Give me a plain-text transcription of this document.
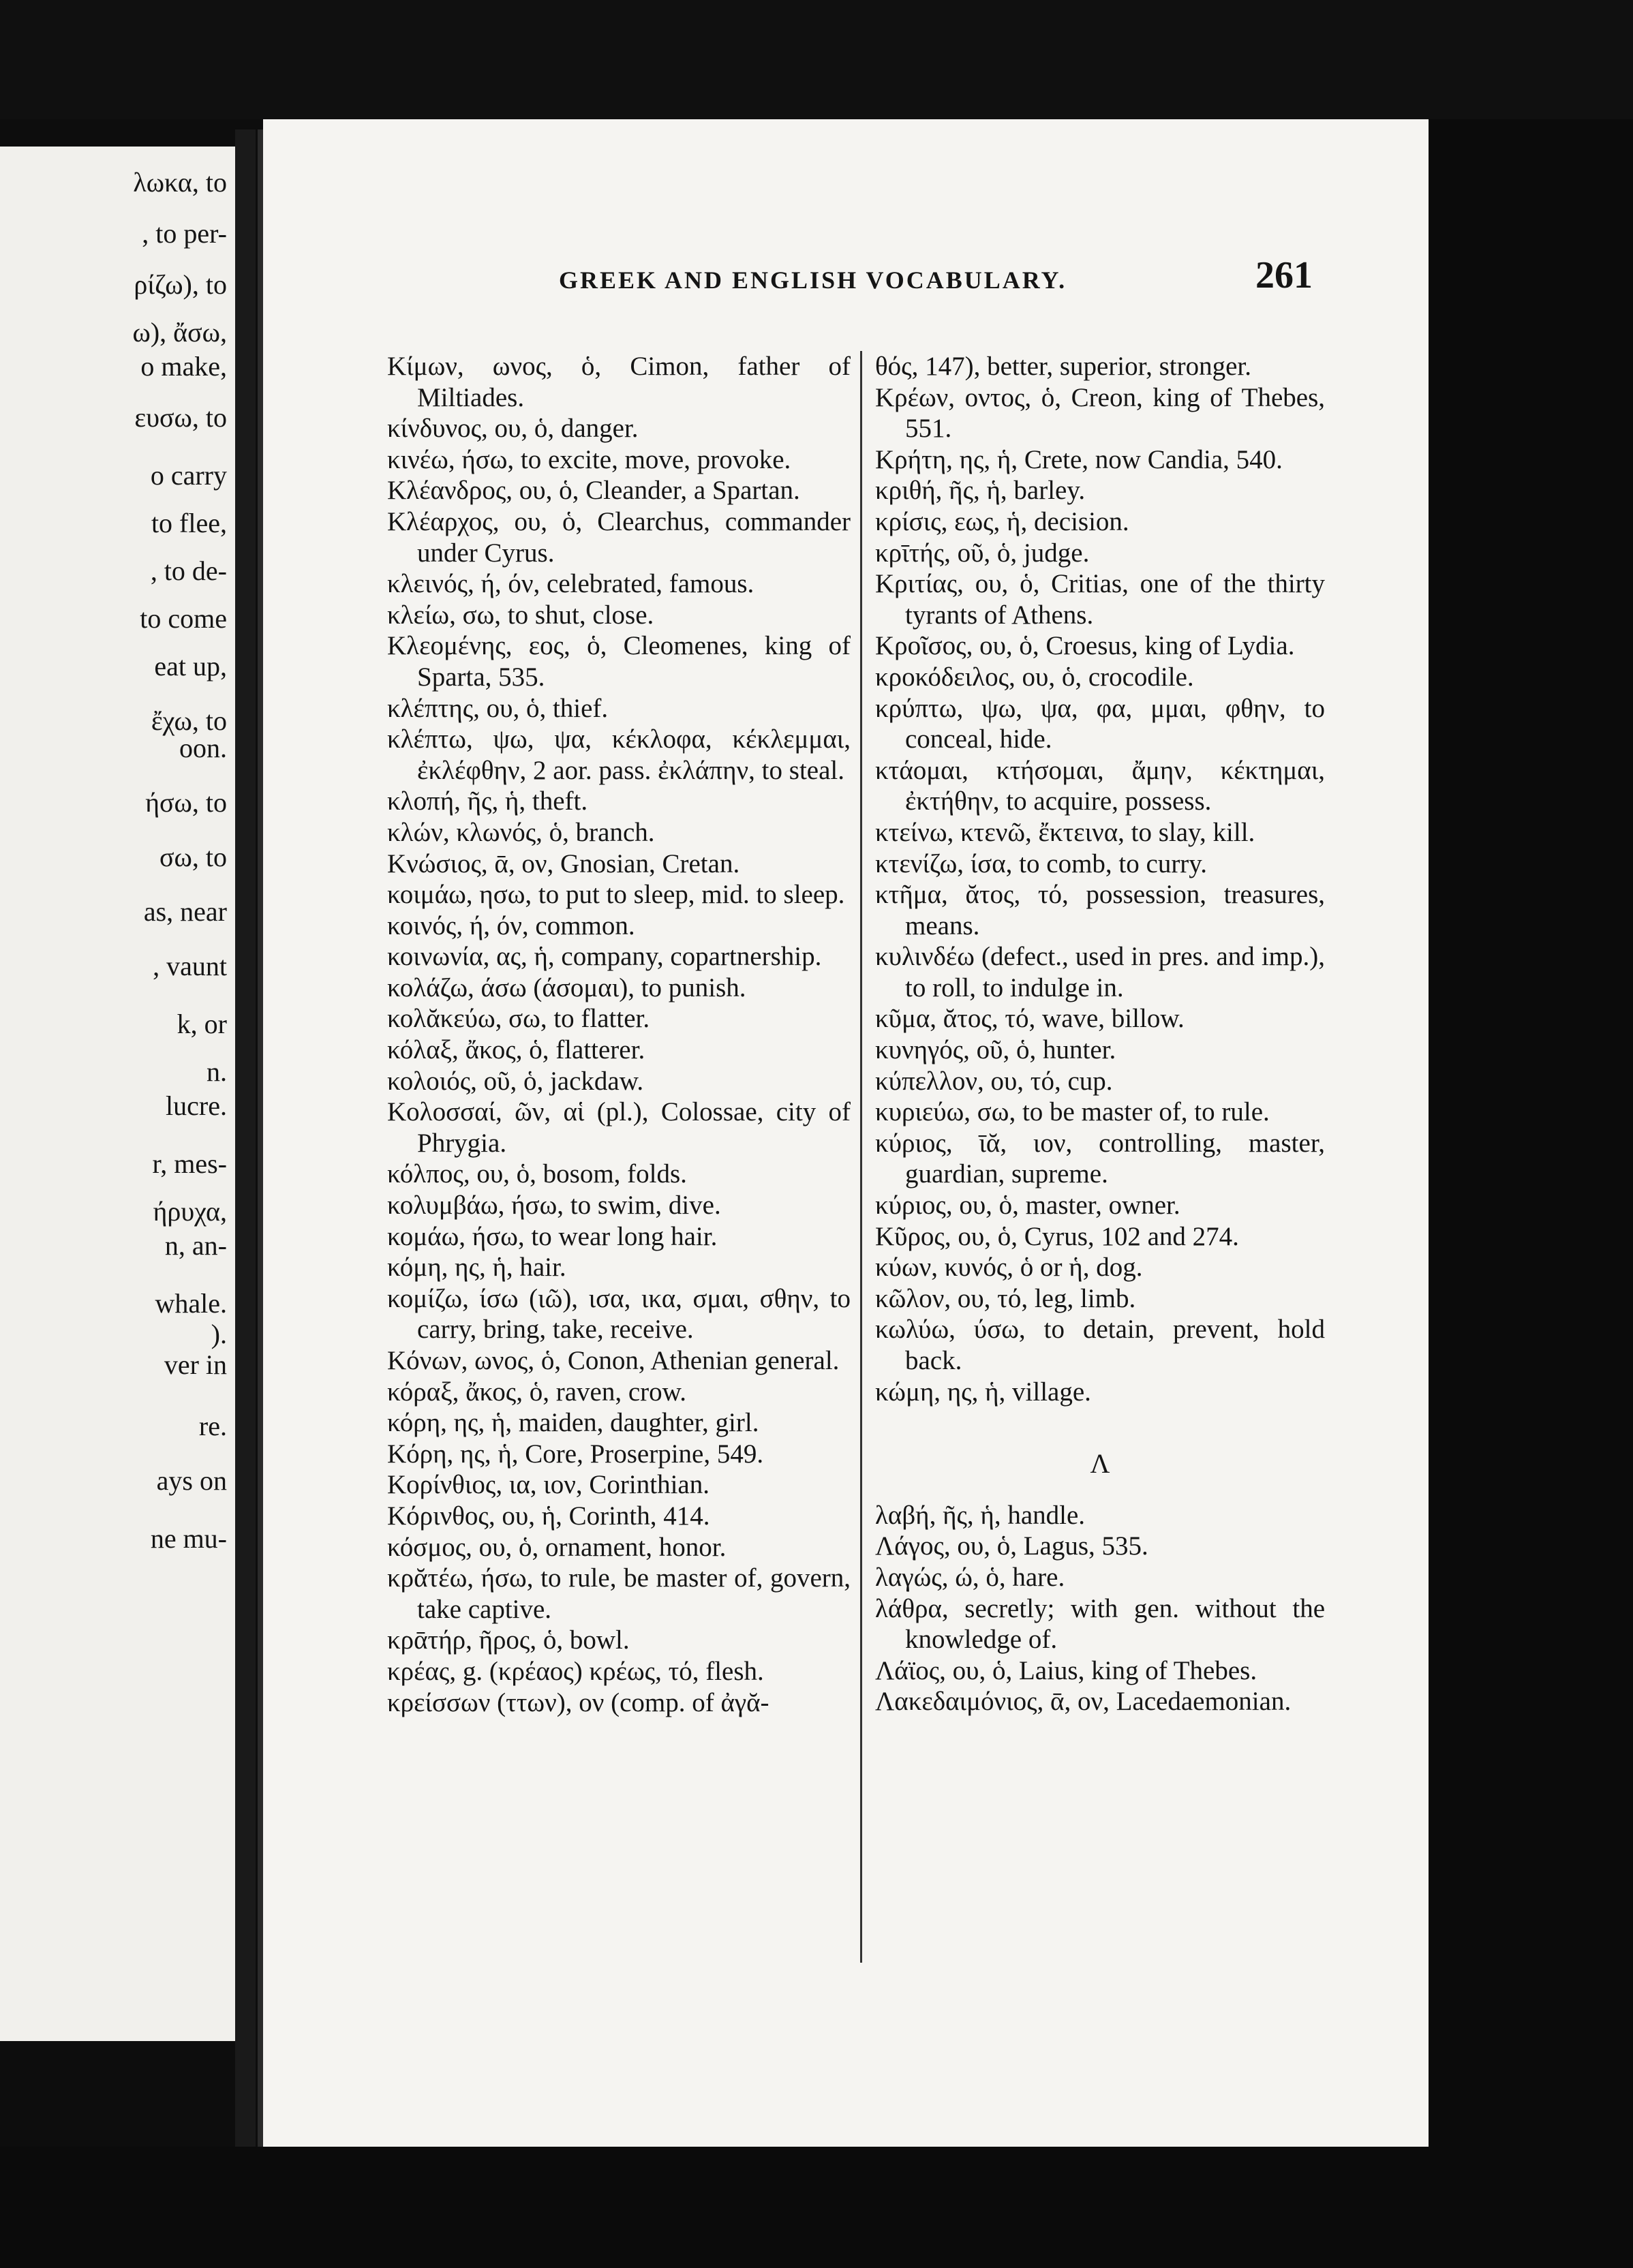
λωκα, to
, to per-
ρίζω), to
ω), ἄσω,
o make,
ευσω, to
o carry
to flee,
, to de-
to come
eat up,
ἔχω, to
oon.
ήσω, to
σω, to
as, near
, vaunt
k, or
n.
lucre.
r, mes-
ήρυχα,
n, an-
whale.
).
ver in
re.
ays on
ne mu-
GREEK AND ENGLISH VOCABULARY.	261
Κίμων, ωνος, ὁ, Cimon, father of Miltiades.
κίνδυνος, ου, ὁ, danger.
κινέω, ήσω, to excite, move, provoke.
Κλέανδρος, ου, ὁ, Cleander, a Spartan.
Κλέαρχος, ου, ὁ, Clearchus, commander under Cyrus.
κλεινός, ή, όν, celebrated, famous.
κλείω, σω, to shut, close.
Κλεομένης, εος, ὁ, Cleomenes, king of Sparta, 535.
κλέπτης, ου, ὁ, thief.
κλέπτω, ψω, ψα, κέκλοφα, κέκλεμμαι, ἐκλέφθην, 2 aor. pass. ἐκλάπην, to steal.
κλοπή, ῆς, ἡ, theft.
κλών, κλωνός, ὁ, branch.
Κνώσιος, ᾱ, ον, Gnosian, Cretan.
κοιμάω, ησω, to put to sleep, mid. to sleep.
κοινός, ή, όν, common.
κοινωνία, ας, ἡ, company, copartnership.
κολάζω, άσω (άσομαι), to punish.
κολᾰκεύω, σω, to flatter.
κόλαξ, ἄκος, ὁ, flatterer.
κολοιός, οῦ, ὁ, jackdaw.
Κολοσσαί, ῶν, αἱ (pl.), Colossae, city of Phrygia.
κόλπος, ου, ὁ, bosom, folds.
κολυμβάω, ήσω, to swim, dive.
κομάω, ήσω, to wear long hair.
κόμη, ης, ἡ, hair.
κομίζω, ίσω (ιῶ), ισα, ικα, σμαι, σθην, to carry, bring, take, receive.
Κόνων, ωνος, ὁ, Conon, Athenian general.
κόραξ, ἄκος, ὁ, raven, crow.
κόρη, ης, ἡ, maiden, daughter, girl.
Κόρη, ης, ἡ, Core, Proserpine, 549.
Κορίνθιος, ια, ιον, Corinthian.
Κόρινθος, ου, ἡ, Corinth, 414.
κόσμος, ου, ὁ, ornament, honor.
κρᾰτέω, ήσω, to rule, be master of, govern, take captive.
κρᾱτήρ, ῆρος, ὁ, bowl.
κρέας, g. (κρέαος) κρέως, τό, flesh.
κρείσσων (ττων), ον (comp. of ἀγᾰ-
θός, 147), better, superior, stronger.
Κρέων, οντος, ὁ, Creon, king of Thebes, 551.
Κρήτη, ης, ἡ, Crete, now Candia, 540.
κριθή, ῆς, ἡ, barley.
κρίσις, εως, ἡ, decision.
κρῑτής, οῦ, ὁ, judge.
Κριτίας, ου, ὁ, Critias, one of the thirty tyrants of Athens.
Κροῖσος, ου, ὁ, Croesus, king of Lydia.
κροκόδειλος, ου, ὁ, crocodile.
κρύπτω, ψω, ψα, φα, μμαι, φθην, to conceal, hide.
κτάομαι, κτήσομαι, ἄμην, κέκτημαι, ἐκτήθην, to acquire, possess.
κτείνω, κτενῶ, ἔκτεινα, to slay, kill.
κτενίζω, ίσα, to comb, to curry.
κτῆμα, ᾰτος, τό, possession, treasures, means.
κυλινδέω (defect., used in pres. and imp.), to roll, to indulge in.
κῦμα, ᾰτος, τό, wave, billow.
κυνηγός, οῦ, ὁ, hunter.
κύπελλον, ου, τό, cup.
κυριεύω, σω, to be master of, to rule.
κύριος, ῑᾰ, ιον, controlling, master, guardian, supreme.
κύριος, ου, ὁ, master, owner.
Κῦρος, ου, ὁ, Cyrus, 102 and 274.
κύων, κυνός, ὁ or ἡ, dog.
κῶλον, ου, τό, leg, limb.
κωλύω, ύσω, to detain, prevent, hold back.
κώμη, ης, ἡ, village.
Λ
λαβή, ῆς, ἡ, handle.
Λάγος, ου, ὁ, Lagus, 535.
λαγώς, ώ, ὁ, hare.
λάθρα, secretly; with gen. without the knowledge of.
Λάϊος, ου, ὁ, Laius, king of Thebes.
Λακεδαιμόνιος, ᾱ, ον, Lacedaemonian.
